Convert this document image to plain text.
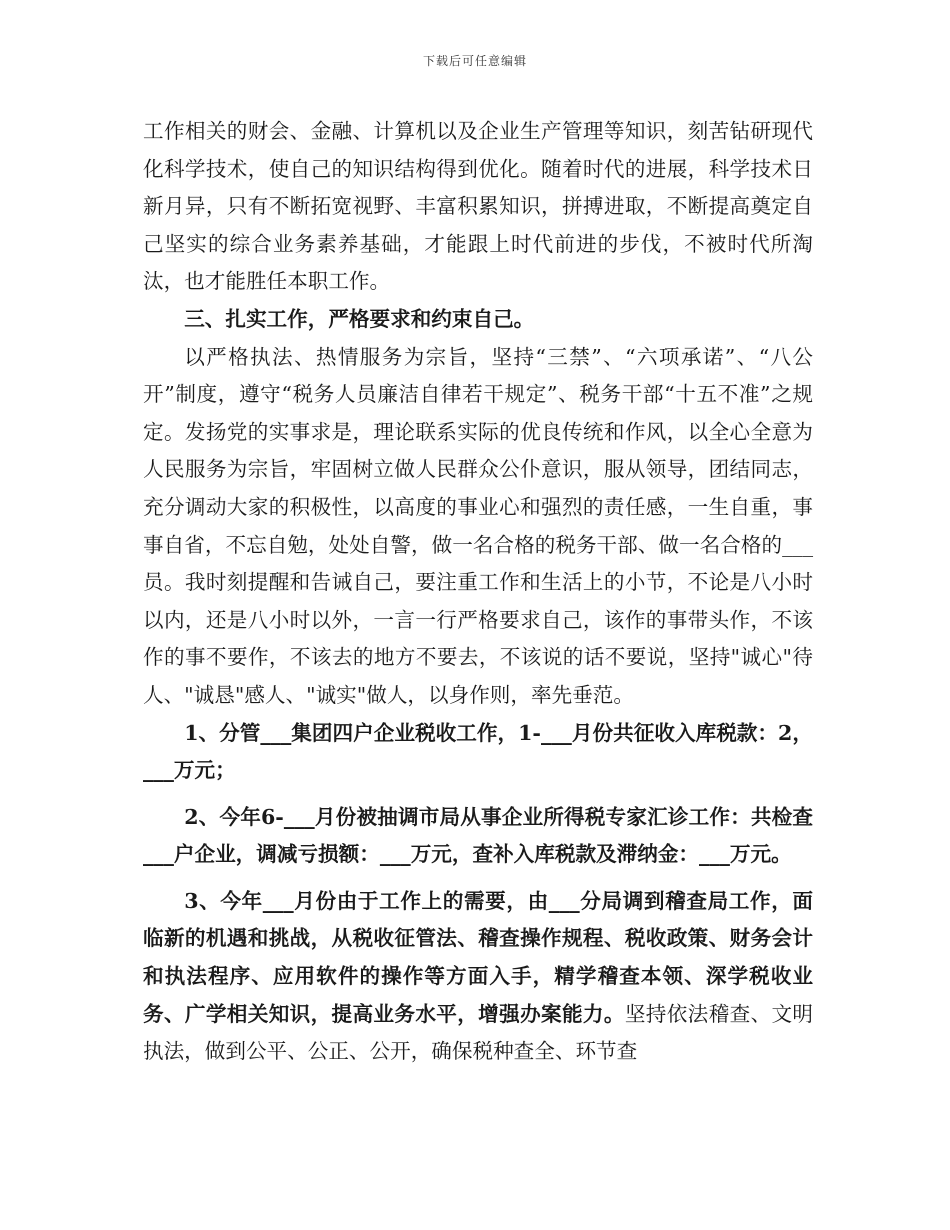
下载后可任意编辑

工作相关的财会、金融、计算机以及企业生产管理等知识，刻苦钻研现代化科学技术，使自己的知识结构得到优化。随着时代的进展，科学技术日新月异，只有不断拓宽视野、丰富积累知识，拼搏进取，不断提高奠定自己坚实的综合业务素养基础，才能跟上时代前进的步伐，不被时代所淘汰，也才能胜任本职工作。

三、扎实工作，严格要求和约束自己。

以严格执法、热情服务为宗旨，坚持“三禁”、“六项承诺”、“八公开”制度，遵守“税务人员廉洁自律若干规定”、税务干部“十五不准”之规定。发扬党的实事求是，理论联系实际的优良传统和作风，以全心全意为人民服务为宗旨，牢固树立做人民群众公仆意识，服从领导，团结同志，充分调动大家的积极性，以高度的事业心和强烈的责任感，一生自重，事事自省，不忘自勉，处处自警，做一名合格的税务干部、做一名合格的___员。我时刻提醒和告诫自己，要注重工作和生活上的小节，不论是八小时以内，还是八小时以外，一言一行严格要求自己，该作的事带头作，不该作的事不要作，不该去的地方不要去，不该说的话不要说，坚持"诚心"待人、"诚恳"感人、"诚实"做人，以身作则，率先垂范。

1、分管___集团四户企业税收工作，1-___月份共征收入库税款：2，___万元；

2、今年6-___月份被抽调市局从事企业所得税专家汇诊工作：共检查___户企业，调减亏损额：___万元，查补入库税款及滞纳金：___万元。

3、今年___月份由于工作上的需要，由___分局调到稽查局工作，面临新的机遇和挑战，从税收征管法、稽查操作规程、税收政策、财务会计和执法程序、应用软件的操作等方面入手，精学稽查本领、深学税收业务、广学相关知识，提高业务水平，增强办案能力。坚持依法稽查、文明执法，做到公平、公正、公开，确保税种查全、环节查
